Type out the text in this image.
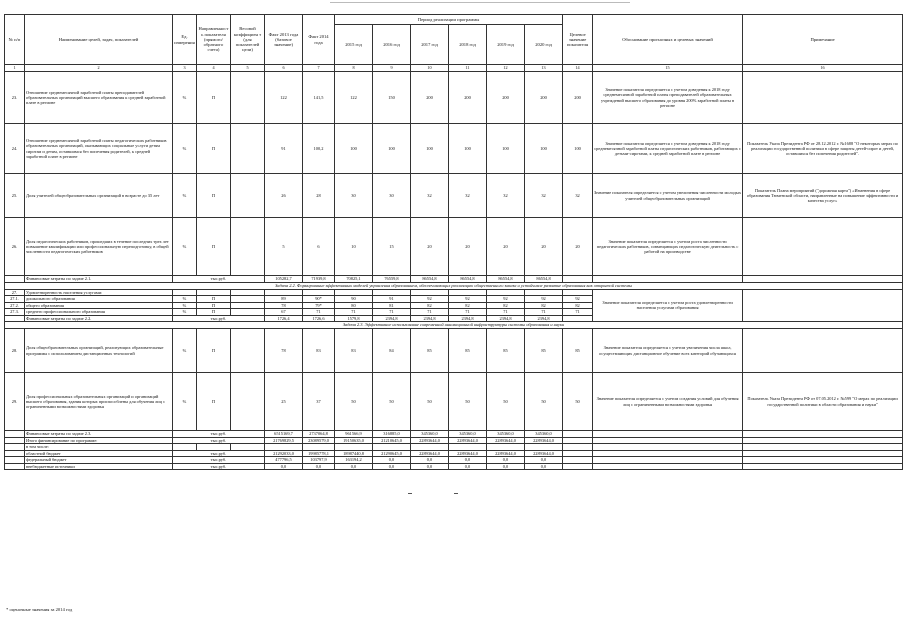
№ п/п	Наименование целей, задач, показателей	Ед. измерения	Направленност ь показателя (прямого/ обратного счета)	Весовой коэффициен т (для показателей цели)	Факт 2013 года (базовое значение)	Факт 2014 года	Период реализации программы						Целевое значение показателя	Обоснование прогнозных и целевых значений	Примечание
							2015 год	2016 год	2017 год	2018 год	2019 год	2020 год			
1	2	3	4	5	6	7	8	9	10	11	12	13	14	15	16
23.	Отношение среднемесячной заработной платы преподавателей образовательных организаций высшего образования к средней заработной плате в регионе	%	П		122	141,5	122	150	200	200	200	200	200	Значение показателя определяется с учетом доведения к 2018 году среднемесячной заработной платы преподавателей образовательных учреждений высшего образования до уровня 200% заработной платы в регионе	
24.	Отношение среднемесячной заработной платы педагогических работников образовательных организаций, оказывающих социальные услуги детям сиротам и детям, оставшимся без попечения родителей, к средней заработной плате в регионе	%	П		91	100,2	100	100	100	100	100	100	100	Значение показателя определяется с учетом доведения к 2018 году среднемесячной заработной платы педагогических работников, работающих с детьми-сиротами, к средней заработной плате в регионе	Показатель Указа Президента РФ от 28.12.2012 г. №1688 "О некоторых мерах по реализации государственной политики в сфере защиты детей-сирот и детей, оставшихся без попечения родителей".
25.	Доля учителей общеобразовательных организаций в возрасте до 35 лет	%	П		26	28	30	30	32	32	32	32	32	Значение показателя определяется с учетом увеличения численности молодых учителей общеобразовательных организаций	Показатель Плана мероприятий ("дорожная карта") «Изменения в сфере образования Тюменской области, направленные на повышение эффективности и качества услуг»
26.	Доля педагогических работников, прошедших в течение последних трех лет повышение квалификации или профессиональную переподготовку, в общей численности педагогических работников	%	П		5	6	10	15	20	20	20	20	20	Значение показателя определяется с учетом роста численности педагогических работников, совмещающих педагогическую деятельность с работой на производстве	
	Финансовые затраты по задаче 2.1.	тыс.руб.			105282,7	71939,8	70825,1	76559,8	86554,8	86554,8	86554,8	86554,8			
Задача 2.2. Формирование эффективных моделей управления образованием, обеспечивающих реализацию общественного заказа и устойчивое развитие образования как открытой системы															
27.	Удовлетворенность населения услугами:													Значение показателя определяется с учетом роста удовлетворенности населения услугами образования	
27.1.	дошкольного образования	%	П		89	90*	90	91	92	92	92	92	92		
27.2.	общего образования	%	П		78	79*	80	81	82	82	82	82	82		
27.3.	среднего профессионального образования	%	П		67	71	71	71	71	71	71	71	71		
	Финансовые затраты по задаче 2.2.	тыс.руб.			1726,4	1726,6	1579,8	2394,8	2394,8	2394,8	2394,8	2394,8			
Задача 2.3. Эффективное использование современной инновационной инфраструктуры системы образования и науки															
28.	Доля общеобразовательных организаций, реализующих образовательные программы с использованием дистанционных технологий	%	П		78	83	83	84	85	85	85	85	85	Значение показателя определяется с учетом увеличения числа школ, осуществляющих дистанционное обучение всех категорий обучающихся	
29.	Доля профессиональных образовательных организаций и организаций высшего образования, здания которых приспособлены для обучения лиц с ограниченными возможностями здоровья	%	П		25	37	50	50	50	50	50	50	50	Значение показателя определяется с учетом создания условий для обучения лиц с ограниченными возможностями здоровья	Показатель Указа Президента РФ от 07.05.2012 г. №599 "О мерах по реализации государственной политики в области образования и науки"
	Финансовые затраты по задаче 2.3.	тыс.руб.			6515169,7	2737064,8	961566,9	316885,0	345360,0	345360,0	345360,0	345360,0			
	Итого финансирование по программе:	тыс.руб.			21769829,5	23089579,0	19150635,0	21210645,0	22893644,0	22893644,0	22893644,0	22893644,0			
	в том числе:														
	областной бюджет	тыс.руб.			21292033,0	19985778,1	18987440,8	21290645,0	22893644,0	22893644,0	22893644,0	22893644,0			
	федеральный бюджет	тыс.руб.			477796,5	103797,9	163194,2	0,0	0,0	0,0	0,0	0,0			
	внебюджетные источники	тыс.руб.			0,0	0,0	0,0	0,0	0,0	0,0	0,0	0,0			
* оценочные значения за 2014 год
